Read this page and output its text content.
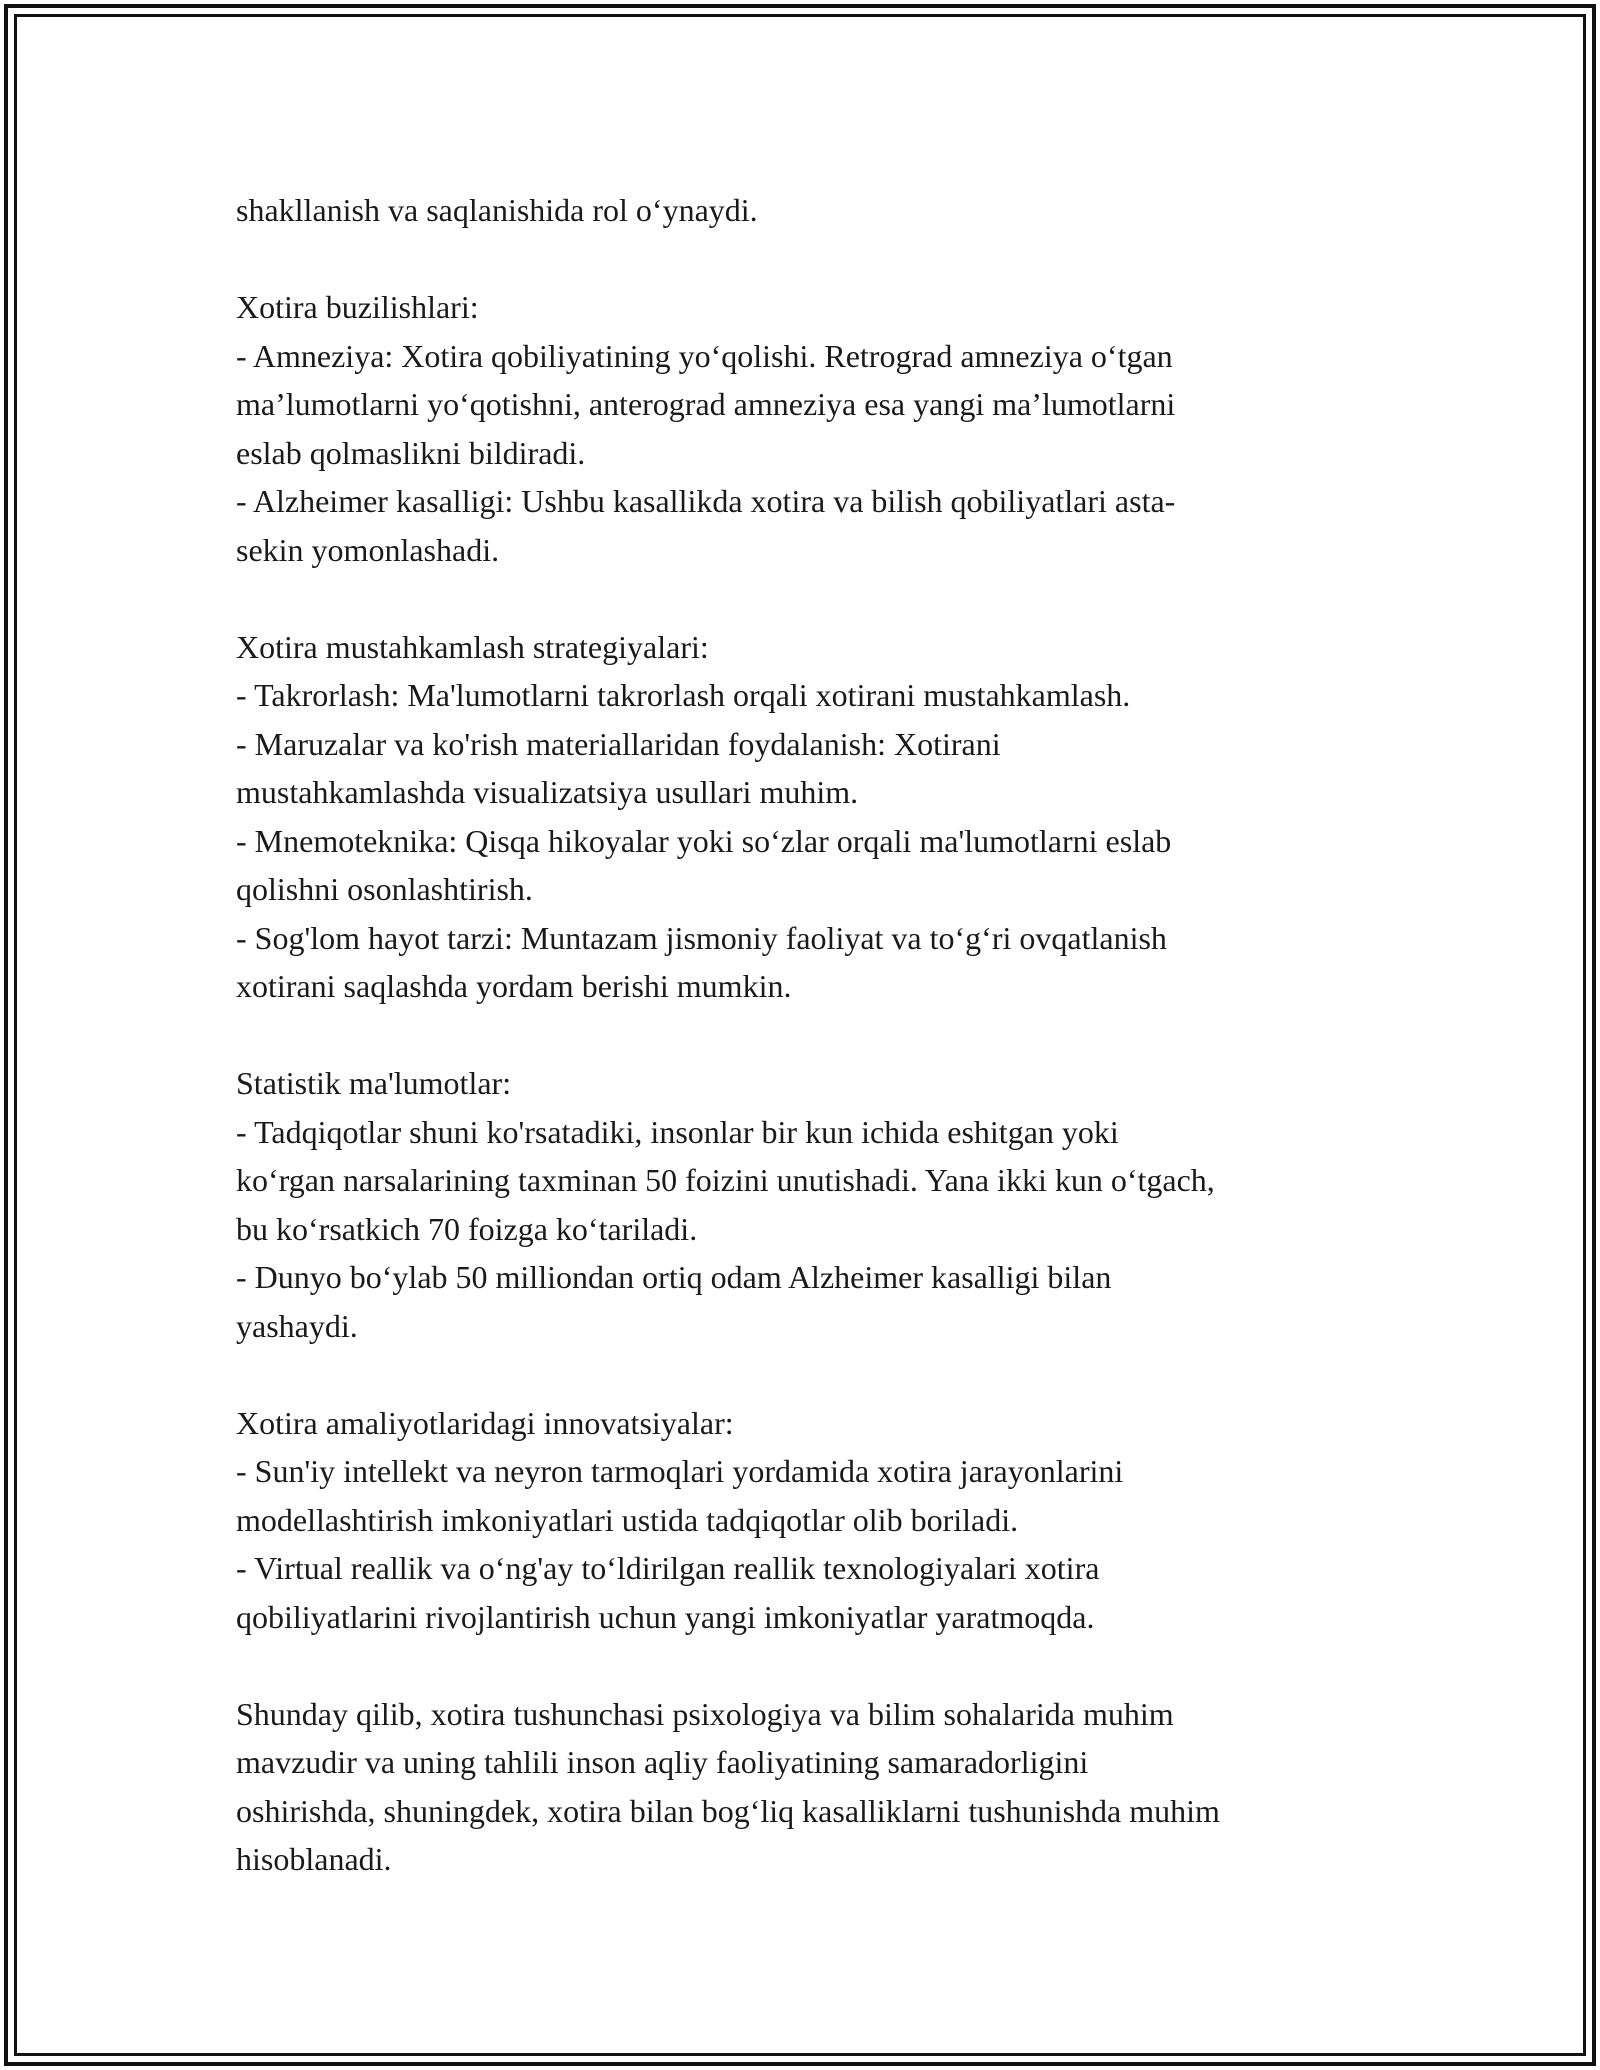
shakllanish va saqlanishida rol o‘ynaydi.

Xotira buzilishlari:

- Amneziya: Xotira qobiliyatining yo‘qolishi. Retrograd amneziya o‘tgan

ma’lumotlarni yo‘qotishni, anterograd amneziya esa yangi ma’lumotlarni

eslab qolmaslikni bildiradi.

- Alzheimer kasalligi: Ushbu kasallikda xotira va bilish qobiliyatlari asta-

sekin yomonlashadi.

Xotira mustahkamlash strategiyalari:

- Takrorlash: Ma'lumotlarni takrorlash orqali xotirani mustahkamlash.

- Maruzalar va ko'rish materiallaridan foydalanish: Xotirani

mustahkamlashda visualizatsiya usullari muhim.

- Mnemoteknika: Qisqa hikoyalar yoki so‘zlar orqali ma'lumotlarni eslab

qolishni osonlashtirish.

- Sog'lom hayot tarzi: Muntazam jismoniy faoliyat va to‘g‘ri ovqatlanish

xotirani saqlashda yordam berishi mumkin.

Statistik ma'lumotlar:

- Tadqiqotlar shuni ko'rsatadiki, insonlar bir kun ichida eshitgan yoki

ko‘rgan narsalarining taxminan 50 foizini unutishadi. Yana ikki kun o‘tgach,

bu ko‘rsatkich 70 foizga ko‘tariladi.

- Dunyo bo‘ylab 50 milliondan ortiq odam Alzheimer kasalligi bilan

yashaydi.

Xotira amaliyotlaridagi innovatsiyalar:

- Sun'iy intellekt va neyron tarmoqlari yordamida xotira jarayonlarini

modellashtirish imkoniyatlari ustida tadqiqotlar olib boriladi.

- Virtual reallik va o‘ng'ay to‘ldirilgan reallik texnologiyalari xotira

qobiliyatlarini rivojlantirish uchun yangi imkoniyatlar yaratmoqda.

Shunday qilib, xotira tushunchasi psixologiya va bilim sohalarida muhim

mavzudir va uning tahlili inson aqliy faoliyatining samaradorligini

oshirishda, shuningdek, xotira bilan bog‘liq kasalliklarni tushunishda muhim

hisoblanadi.
